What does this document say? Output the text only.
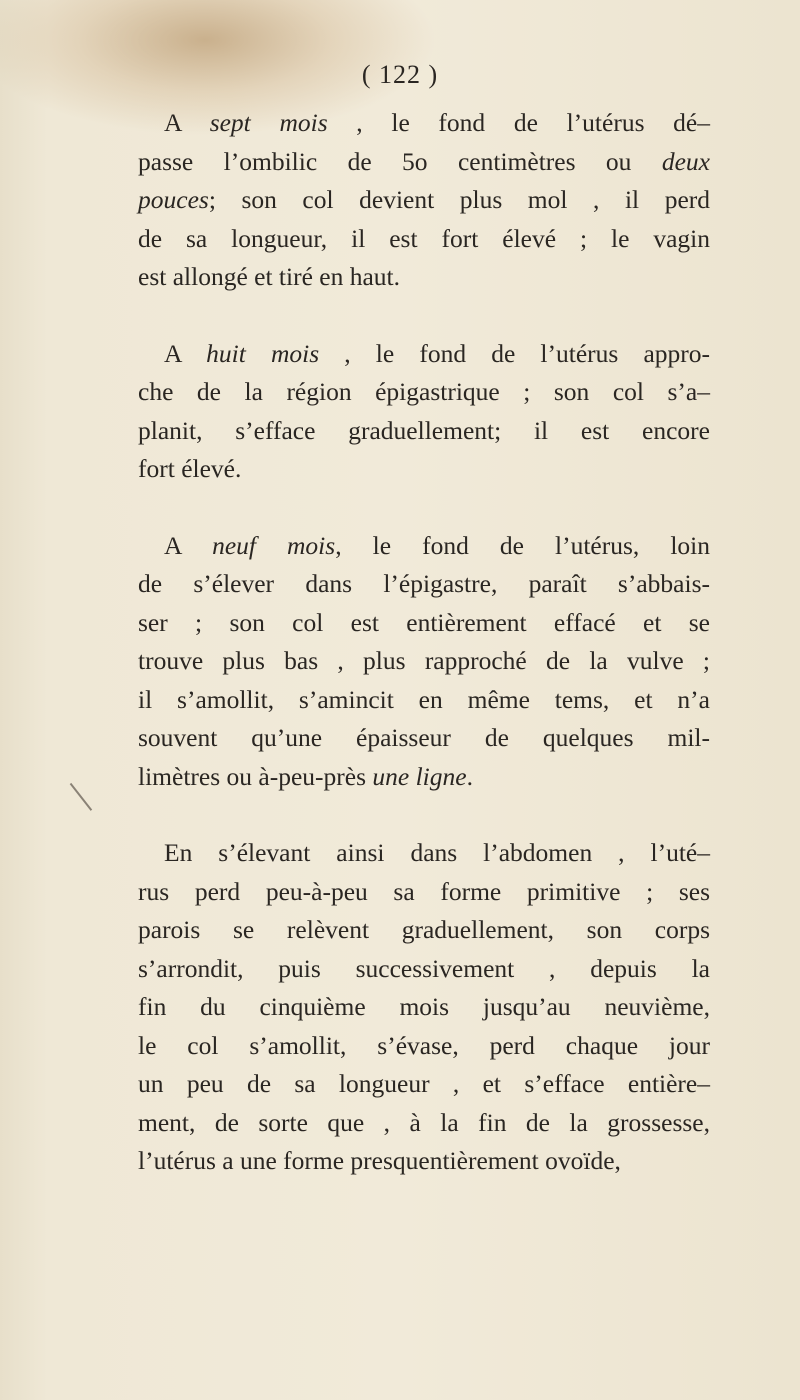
( 122 )

A sept mois , le fond de l’utérus dé–
passe l’ombilic de 5o centimètres ou deux
pouces; son col devient plus mol , il perd
de sa longueur, il est fort élevé ; le vagin
est allongé et tiré en haut.

A huit mois , le fond de l’utérus appro-
che de la région épigastrique ; son col s’a–
planit, s’efface graduellement; il est encore
fort élevé.

A neuf mois, le fond de l’utérus, loin
de s’élever dans l’épigastre, paraît s’abbais-
ser ; son col est entièrement effacé et se
trouve plus bas , plus rapproché de la vulve ;
il s’amollit, s’amincit en même tems, et n’a
souvent qu’une épaisseur de quelques mil-
limètres ou à-peu-près une ligne.

En s’élevant ainsi dans l’abdomen , l’uté–
rus perd peu-à-peu sa forme primitive ; ses
parois se relèvent graduellement, son corps
s’arrondit, puis successivement , depuis la
fin du cinquième mois jusqu’au neuvième,
le col s’amollit, s’évase, perd chaque jour
un peu de sa longueur , et s’efface entière–
ment, de sorte que , à la fin de la grossesse,
l’utérus a une forme presquentièrement ovoïde,
